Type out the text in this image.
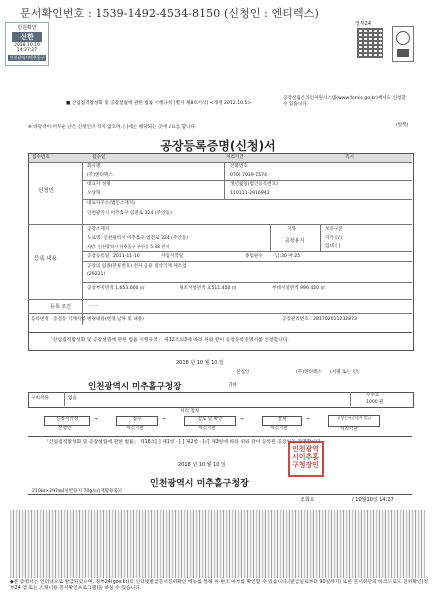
문서확인번호 : 1539-1492-4534-8150 (신청인 : 엔티렉스)
민원확인
신한
2018.10.10
14:27:27
인천광역시미추홀구
정부24
■ 산업집적활성화 및 공장설립에 관한 법률 시행규칙 [별지 제8호서식] <개정 2012.10.5>
공장설립온라인지원시스템(www.femis.go.kr)에서도 신청할 수 있습니다.
(앞쪽)
※ 바탕색이 어두운 난은 신청인이 적지 않으며, [ ]에는 해당되는 곳에 √표를 합니다.
공장등록증명(신청)서
접수번호	접수일	처리기간	즉시
신청인
회사명
(주)엔티렉스
전화번호
070) 7019-1574
대표자 성명
오상혁
생년월일(법인등록번호)
110111-2916942
대표자주소(법인소재지)
인천광역시 미추홀구 염전로 324 (주안동)
등록 내용
공장소재지
도로명: 인천광역시 미추홀구 염전로 324 (주안동)
지번: 인천광역시 미추홀구 주안동 5-38 번지
지목
공장용지
보유구분
자가 [√]
임대 [ ]
공장등록일 2011-11-16	사업시작일	종업원수	남:30 여:25
공장의 업종(분류번호) 전자 응용 절삭기계 제조업
(29221)
공장부지면적 1,653.000 ㎡	제조시설면적 3,511.450 ㎡	부대시설면적 999.420 ㎡
등록 조건	- - -
등록변경 · 증설등 기재사항 변경내용(변경 날짜 및 내용)	공장관리번호 : 281702011232873
「산업집적활성화 및 공장설립에 관한 법률 시행규칙」 제12조의3에 따라 위와 같이 공장등록증명서를 신청합니다.
2018 년 10 월 10 일
신청인	(주)엔티렉스 (서명 또는 인)
인천광역시 미추홀구청장	귀하
구비서류	없음
수수료
1000 원
처리 절차
신청서작성
신청인
→	접수
처리기관
→	검토 및 확인
처리기관
→	결재
처리기관
→	공장등록증명서 발급
처리기관
「산업집적활성화 및 공장설립에 관한 법률」 제16조[ ] 제1항 · [ ] 제2항 · [√] 제3항에 따라 위와 같이 등록된 공장임을 증명합니다.
2018 년 10 월 10 일
인천광역시 미추홀구청장
인천광역시미추홀구청장인
210㎜×297㎜[일반용지 70g/㎡(재활용품)]
조회요	/ 10월10일 14:27
◆본 증명서는 인터넷으로 발급되었으며, 정부24(gov.kr)의 인터넷발급문서진위확인 메뉴를 통해 위·변조 여부를 확인할 수 있습니다.(발급일로부터 90일까지) 또한 문서하단의 바코드로도 진위확인(정부24 앱 또는 스캐너용 문서확인프로그램)을 하실 수 있습니다.
